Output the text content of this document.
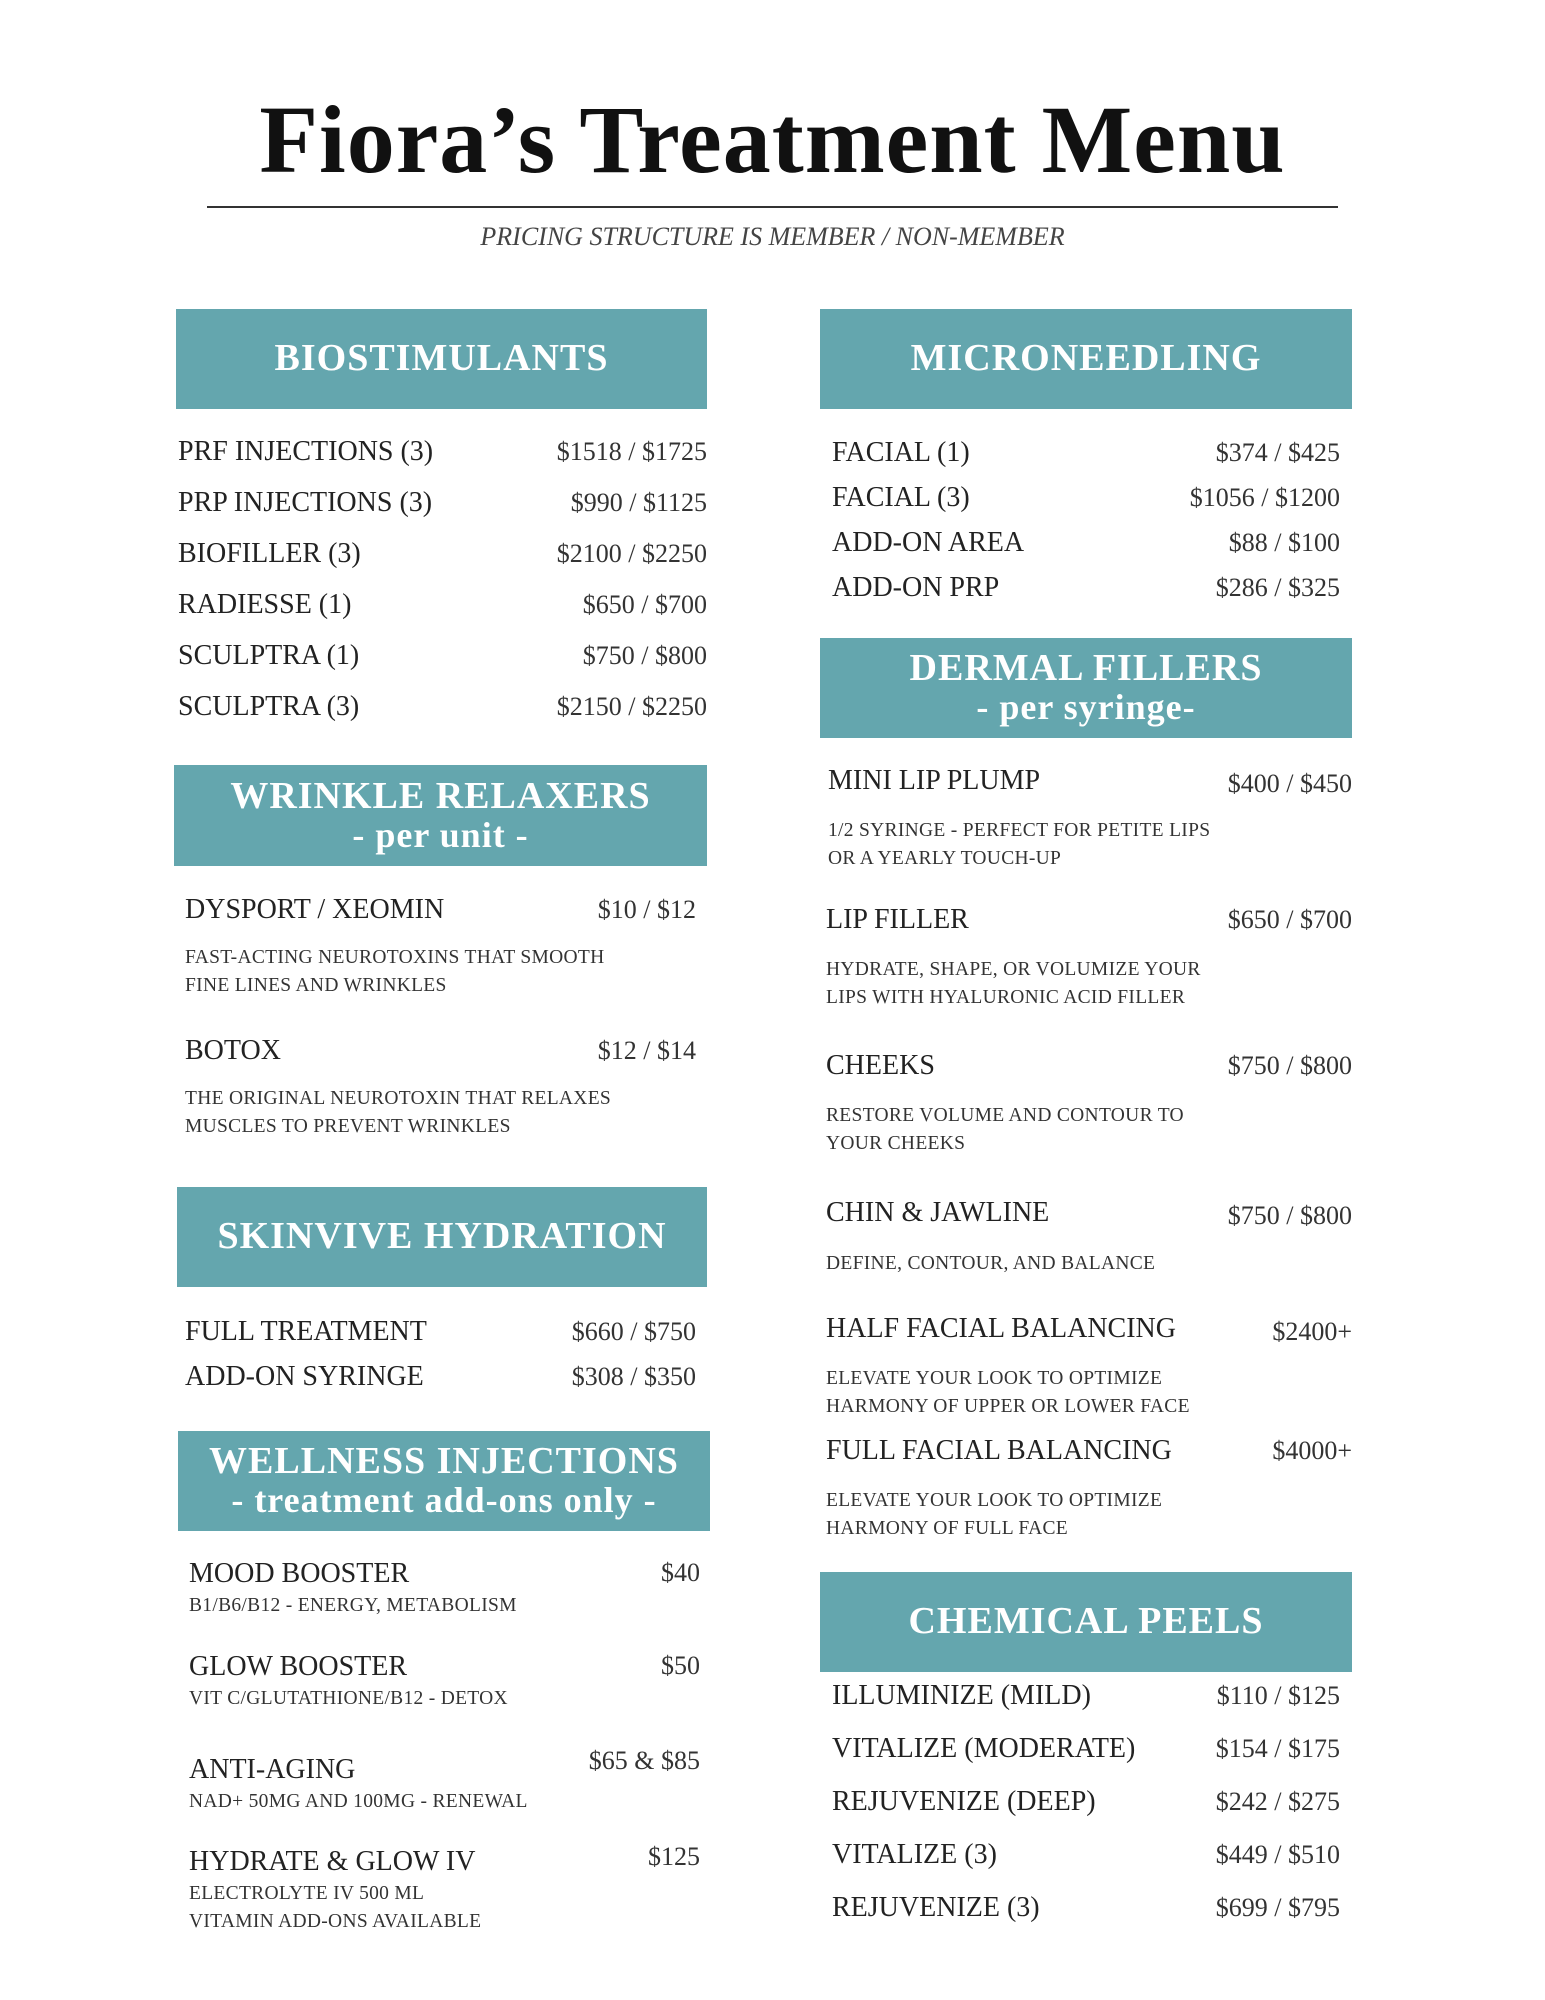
Fiora’s Treatment Menu
PRICING STRUCTURE IS MEMBER / NON-MEMBER
BIOSTIMULANTS
PRF INJECTIONS (3)	$1518 / $1725
PRP INJECTIONS (3)	$990 / $1125
BIOFILLER (3)	$2100 / $2250
RADIESSE (1)	$650 / $700
SCULPTRA (1)	$750 / $800
SCULPTRA (3)	$2150 / $2250
WRINKLE RELAXERS
- per unit -
DYSPORT / XEOMIN	$10 / $12
FAST-ACTING NEUROTOXINS THAT SMOOTH
FINE LINES AND WRINKLES
BOTOX	$12 / $14
THE ORIGINAL NEUROTOXIN THAT RELAXES
MUSCLES TO PREVENT WRINKLES
SKINVIVE HYDRATION
FULL TREATMENT	$660 / $750
ADD-ON SYRINGE	$308 / $350
WELLNESS INJECTIONS
- treatment add-ons only -
MOOD BOOSTER	$40
B1/B6/B12 - ENERGY, METABOLISM
GLOW BOOSTER	$50
VIT C/GLUTATHIONE/B12 - DETOX
ANTI-AGING	$65 & $85
NAD+ 50MG AND 100MG - RENEWAL
HYDRATE & GLOW IV	$125
ELECTROLYTE IV 500 ML
VITAMIN ADD-ONS AVAILABLE
MICRONEEDLING
FACIAL (1)	$374 / $425
FACIAL (3)	$1056 / $1200
ADD-ON AREA	$88 / $100
ADD-ON PRP	$286 / $325
DERMAL FILLERS
- per syringe-
MINI LIP PLUMP	$400 / $450
1/2 SYRINGE - PERFECT FOR PETITE LIPS
OR A YEARLY TOUCH-UP
LIP FILLER	$650 / $700
HYDRATE, SHAPE, OR VOLUMIZE YOUR
LIPS WITH HYALURONIC ACID FILLER
CHEEKS	$750 / $800
RESTORE VOLUME AND CONTOUR TO
YOUR CHEEKS
CHIN & JAWLINE	$750 / $800
DEFINE, CONTOUR, AND BALANCE
HALF FACIAL BALANCING	$2400+
ELEVATE YOUR LOOK TO OPTIMIZE
HARMONY OF UPPER OR LOWER FACE
FULL FACIAL BALANCING	$4000+
ELEVATE YOUR LOOK TO OPTIMIZE
HARMONY OF FULL FACE
CHEMICAL PEELS
ILLUMINIZE (MILD)	$110 / $125
VITALIZE (MODERATE)	$154 / $175
REJUVENIZE (DEEP)	$242 / $275
VITALIZE (3)	$449 / $510
REJUVENIZE (3)	$699 / $795
